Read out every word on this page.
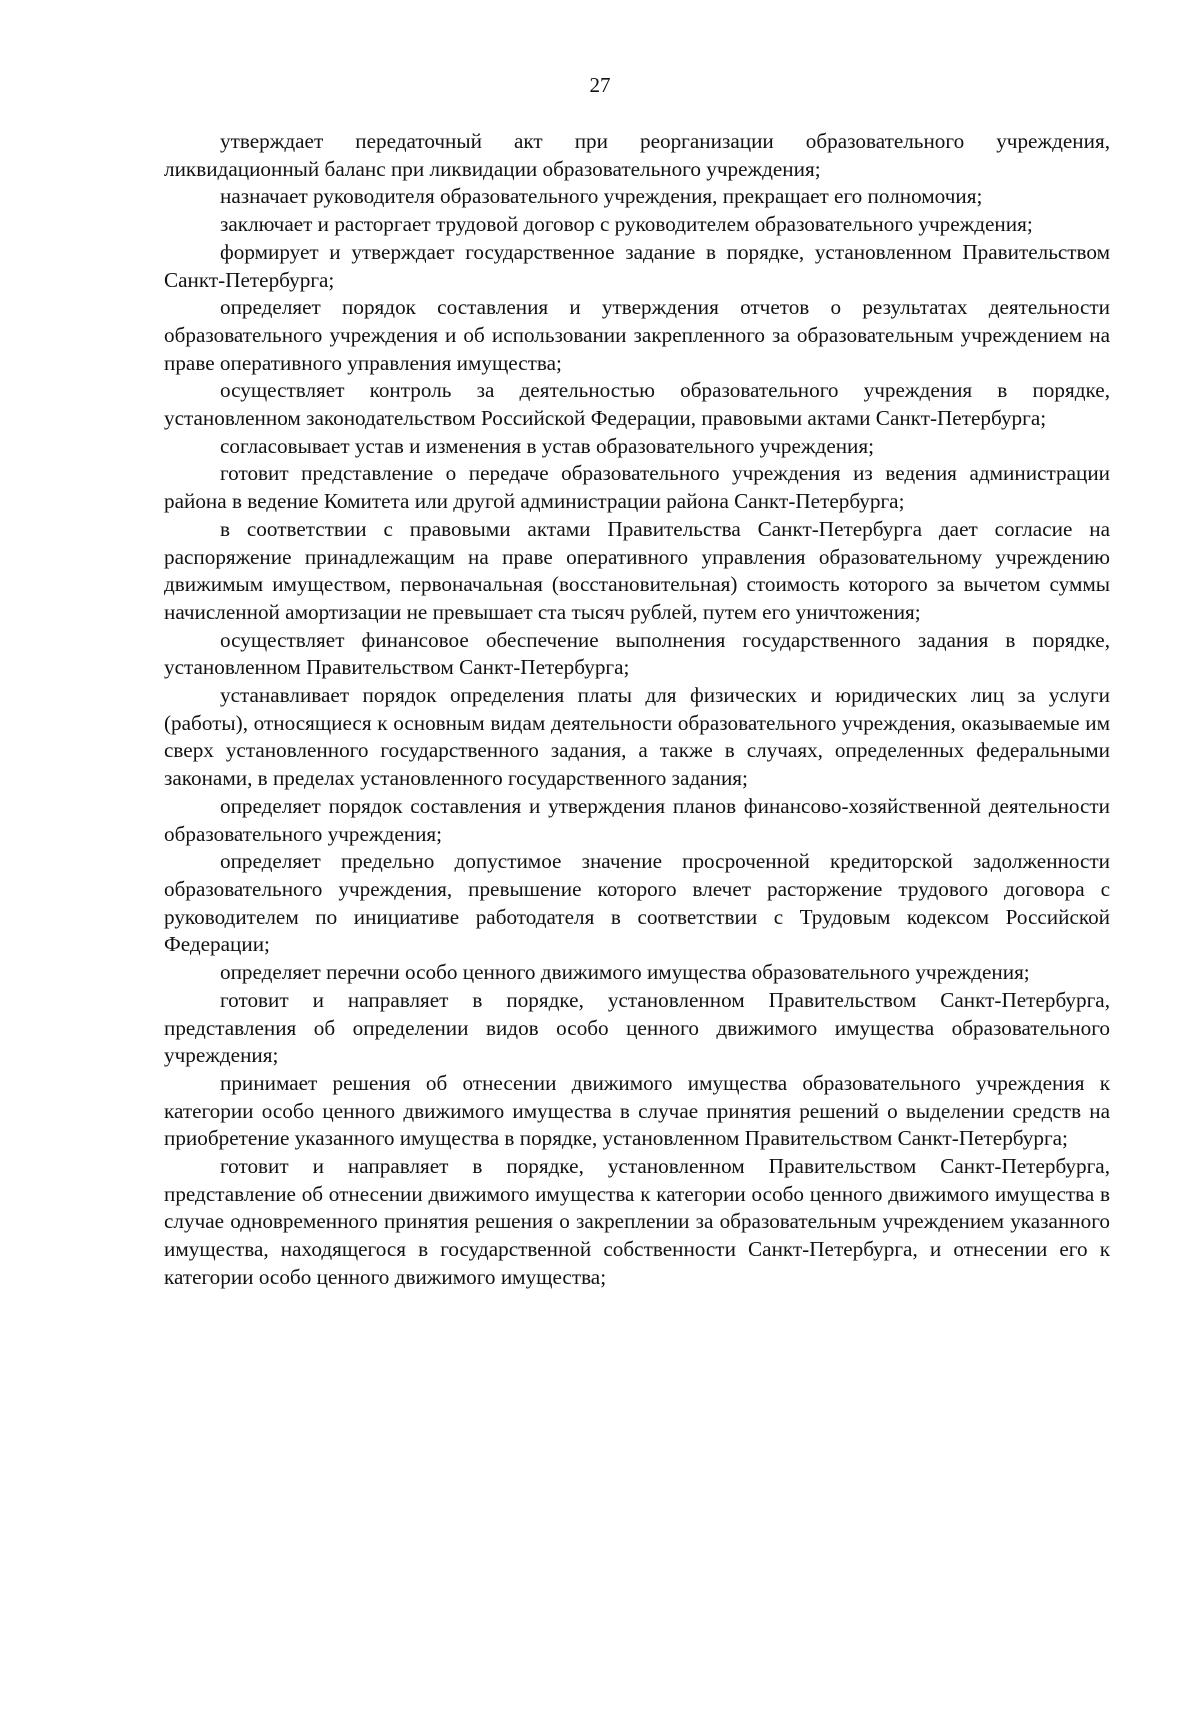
27

утверждает передаточный акт при реорганизации образовательного учреждения, ликвидационный баланс при ликвидации образовательного учреждения;

назначает руководителя образовательного учреждения, прекращает его полномочия;

заключает и расторгает трудовой договор с руководителем образовательного учреждения;

формирует и утверждает государственное задание в порядке, установленном Правительством Санкт-Петербурга;

определяет порядок составления и утверждения отчетов о результатах деятельности образовательного учреждения и об использовании закрепленного за образовательным учреждением на праве оперативного управления имущества;

осуществляет контроль за деятельностью образовательного учреждения в порядке, установленном законодательством Российской Федерации, правовыми актами Санкт-Петербурга;

согласовывает устав и изменения в устав образовательного учреждения;

готовит представление о передаче образовательного учреждения из ведения администрации района в ведение Комитета или другой администрации района Санкт-Петербурга;

в соответствии с правовыми актами Правительства Санкт-Петербурга дает согласие на распоряжение принадлежащим на праве оперативного управления образовательному учреждению движимым имуществом, первоначальная (восстановительная) стоимость которого за вычетом суммы начисленной амортизации не превышает ста тысяч рублей, путем его уничтожения;

осуществляет финансовое обеспечение выполнения государственного задания в порядке, установленном Правительством Санкт-Петербурга;

устанавливает порядок определения платы для физических и юридических лиц за услуги (работы), относящиеся к основным видам деятельности образовательного учреждения, оказываемые им сверх установленного государственного задания, а также в случаях, определенных федеральными законами, в пределах установленного государственного задания;

определяет порядок составления и утверждения планов финансово-хозяйственной деятельности образовательного учреждения;

определяет предельно допустимое значение просроченной кредиторской задолженности образовательного учреждения, превышение которого влечет расторжение трудового договора с руководителем по инициативе работодателя в соответствии с Трудовым кодексом Российской Федерации;

определяет перечни особо ценного движимого имущества образовательного учреждения;

готовит и направляет в порядке, установленном Правительством Санкт-Петербурга, представления об определении видов особо ценного движимого имущества образовательного учреждения;

принимает решения об отнесении движимого имущества образовательного учреждения к категории особо ценного движимого имущества в случае принятия решений о выделении средств на приобретение указанного имущества в порядке, установленном Правительством Санкт-Петербурга;

готовит и направляет в порядке, установленном Правительством Санкт-Петербурга, представление об отнесении движимого имущества к категории особо ценного движимого имущества в случае одновременного принятия решения о закреплении за образовательным учреждением указанного имущества, находящегося в государственной собственности Санкт-Петербурга, и отнесении его к категории особо ценного движимого имущества;
